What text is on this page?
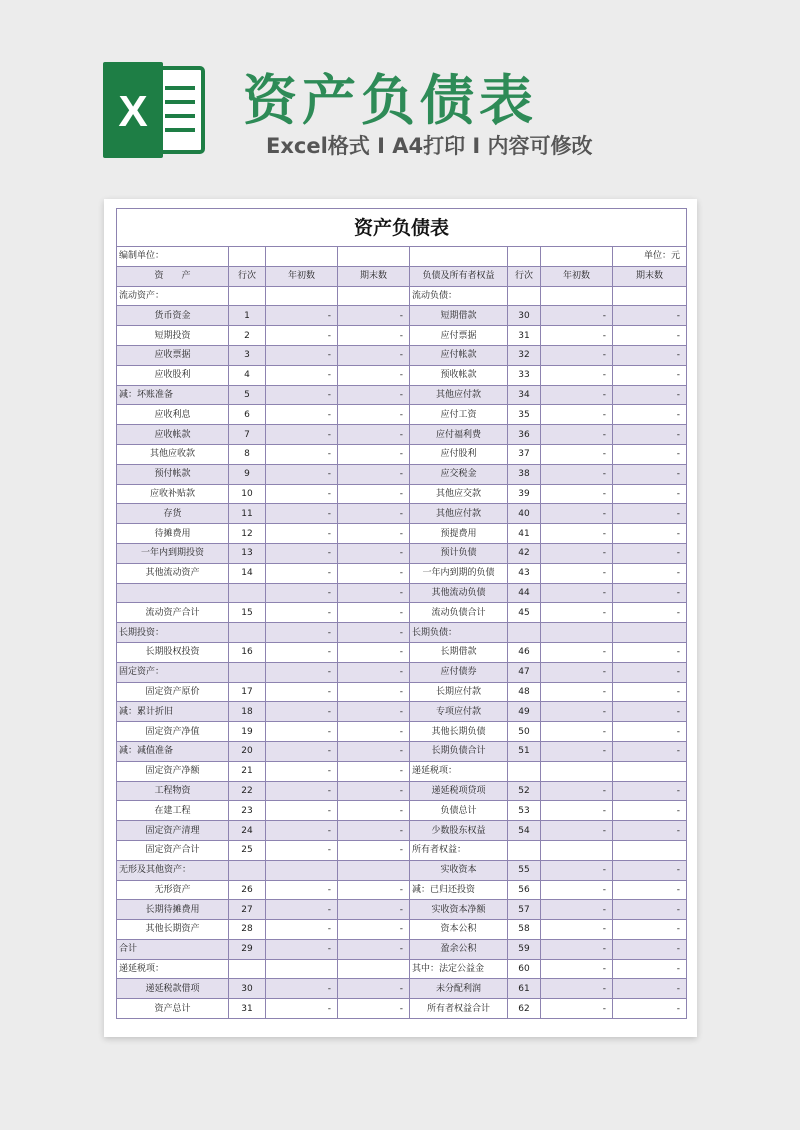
X 资产负债表
Excel格式 I A4打印 I 内容可修改
资产负债表							
编制单位：							单位：元
资　　产	行次	年初数	期末数	负债及所有者权益	行次	年初数	期末数
流动资产：				流动负债：			
货币资金	1	-	-	短期借款	30	-	-
短期投资	2	-	-	应付票据	31	-	-
应收票据	3	-	-	应付帐款	32	-	-
应收股利	4	-	-	预收帐款	33	-	-
减：坏账准备	5	-	-	其他应付款	34	-	-
应收利息	6	-	-	应付工资	35	-	-
应收帐款	7	-	-	应付福利费	36	-	-
其他应收款	8	-	-	应付股利	37	-	-
预付帐款	9	-	-	应交税金	38	-	-
应收补贴款	10	-	-	其他应交款	39	-	-
存货	11	-	-	其他应付款	40	-	-
待摊费用	12	-	-	预提费用	41	-	-
一年内到期投资	13	-	-	预计负债	42	-	-
其他流动资产	14	-	-	一年内到期的负债	43	-	-
		-	-	其他流动负债	44	-	-
流动资产合计	15	-	-	流动负债合计	45	-	-
长期投资：		-	-	长期负债：			
长期股权投资	16	-	-	长期借款	46	-	-
固定资产：		-	-	应付债券	47	-	-
固定资产原价	17	-	-	长期应付款	48	-	-
减：累计折旧	18	-	-	专项应付款	49	-	-
固定资产净值	19	-	-	其他长期负债	50	-	-
减：减值准备	20	-	-	长期负债合计	51	-	-
固定资产净额	21	-	-	递延税项：			
工程物资	22	-	-	递延税项贷项	52	-	-
在建工程	23	-	-	负债总计	53	-	-
固定资产清理	24	-	-	少数股东权益	54	-	-
固定资产合计	25	-	-	所有者权益：			
无形及其他资产：				实收资本	55	-	-
无形资产	26	-	-	减：已归还投资	56	-	-
长期待摊费用	27	-	-	实收资本净额	57	-	-
其他长期资产	28	-	-	资本公积	58	-	-
合计	29	-	-	盈余公积	59	-	-
递延税项：				其中：法定公益金	60	-	-
递延税款借项	30	-	-	未分配利润	61	-	-
资产总计	31	-	-	所有者权益合计	62	-	-
